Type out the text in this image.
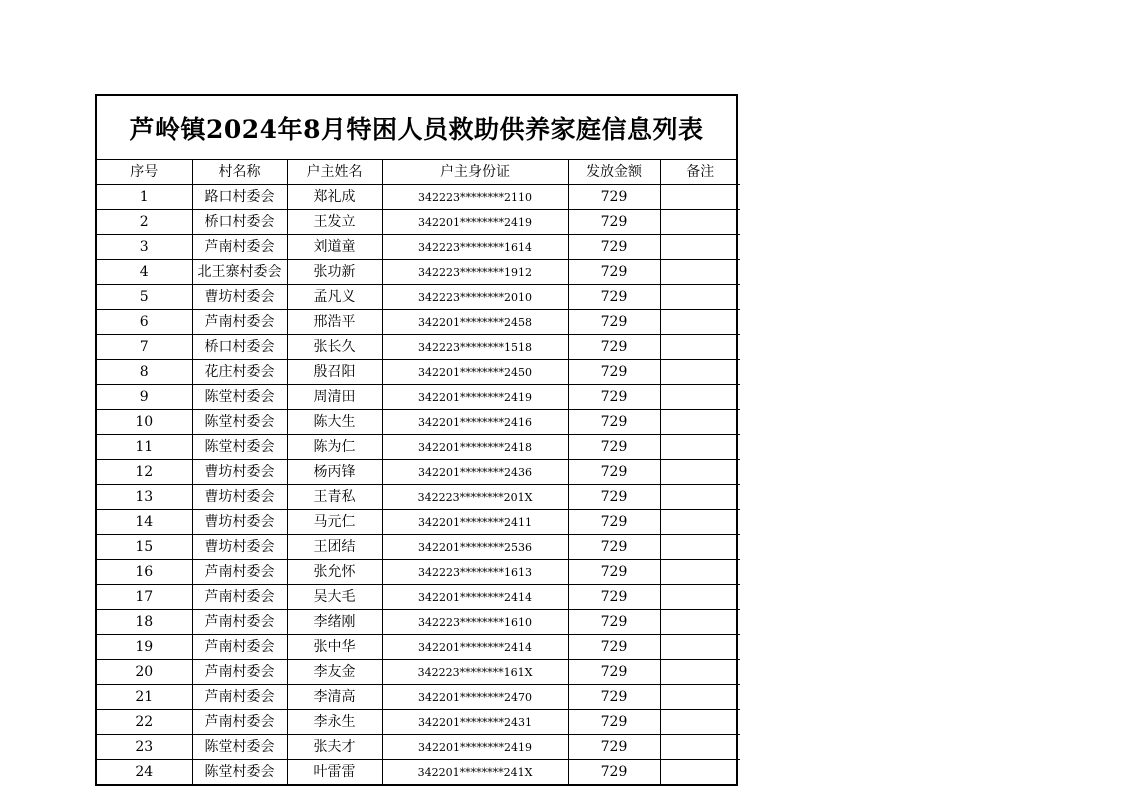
芦岭镇2024年8月特困人员救助供养家庭信息列表
序号	村名称	户主姓名	户主身份证	发放金额	备注
1	路口村委会	郑礼成	342223********2110	729	
2	桥口村委会	王发立	342201********2419	729	
3	芦南村委会	刘道童	342223********1614	729	
4	北王寨村委会	张功新	342223********1912	729	
5	曹坊村委会	孟凡义	342223********2010	729	
6	芦南村委会	邢浩平	342201********2458	729	
7	桥口村委会	张长久	342223********1518	729	
8	花庄村委会	殷召阳	342201********2450	729	
9	陈堂村委会	周清田	342201********2419	729	
10	陈堂村委会	陈大生	342201********2416	729	
11	陈堂村委会	陈为仁	342201********2418	729	
12	曹坊村委会	杨丙锋	342201********2436	729	
13	曹坊村委会	王青私	342223********201X	729	
14	曹坊村委会	马元仁	342201********2411	729	
15	曹坊村委会	王团结	342201********2536	729	
16	芦南村委会	张允怀	342223********1613	729	
17	芦南村委会	吴大毛	342201********2414	729	
18	芦南村委会	李绪刚	342223********1610	729	
19	芦南村委会	张中华	342201********2414	729	
20	芦南村委会	李友金	342223********161X	729	
21	芦南村委会	李清高	342201********2470	729	
22	芦南村委会	李永生	342201********2431	729	
23	陈堂村委会	张夫才	342201********2419	729	
24	陈堂村委会	叶雷雷	342201********241X	729	
